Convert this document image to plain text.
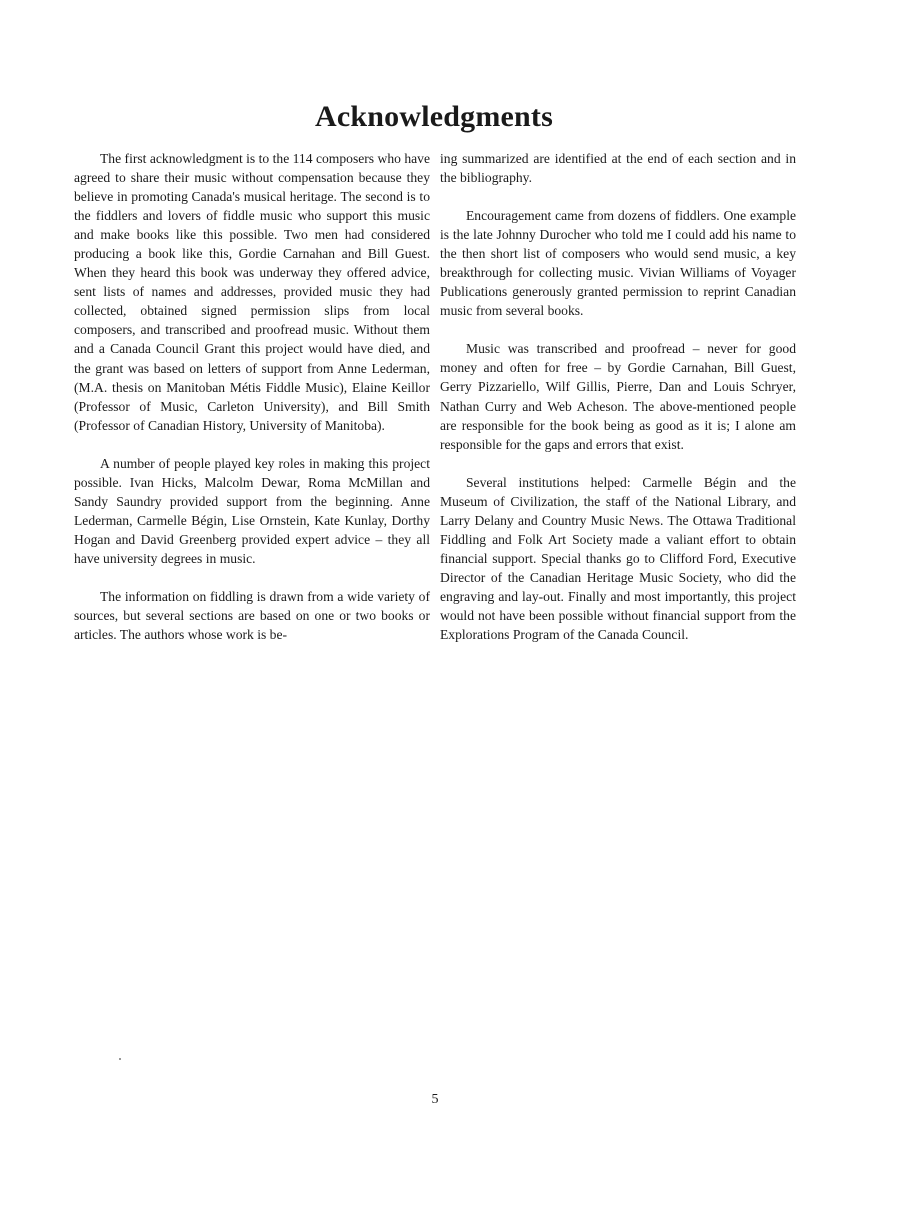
Acknowledgments

The first acknowledgment is to the 114 composers who have agreed to share their music without compensation because they believe in promoting Canada's musical heritage. The second is to the fiddlers and lovers of fiddle music who support this music and make books like this possible. Two men had considered producing a book like this, Gordie Carnahan and Bill Guest. When they heard this book was underway they offered advice, sent lists of names and addresses, provided music they had collected, obtained signed permission slips from local composers, and transcribed and proofread music. Without them and a Canada Council Grant this project would have died, and the grant was based on letters of support from Anne Lederman, (M.A. thesis on Manitoban Métis Fiddle Music), Elaine Keillor (Professor of Music, Carleton University), and Bill Smith (Professor of Canadian History, University of Manitoba).

A number of people played key roles in making this project possible. Ivan Hicks, Malcolm Dewar, Roma McMillan and Sandy Saundry provided support from the beginning. Anne Lederman, Carmelle Bégin, Lise Ornstein, Kate Kunlay, Dorthy Hogan and David Greenberg provided expert advice – they all have university degrees in music.

The information on fiddling is drawn from a wide variety of sources, but several sections are based on one or two books or articles. The authors whose work is be-

ing summarized are identified at the end of each section and in the bibliography.

Encouragement came from dozens of fiddlers. One example is the late Johnny Durocher who told me I could add his name to the then short list of composers who would send music, a key breakthrough for collecting music. Vivian Williams of Voyager Publications generously granted permission to reprint Canadian music from several books.

Music was transcribed and proofread – never for good money and often for free – by Gordie Carnahan, Bill Guest, Gerry Pizzariello, Wilf Gillis, Pierre, Dan and Louis Schryer, Nathan Curry and Web Acheson. The above-mentioned people are responsible for the book being as good as it is; I alone am responsible for the gaps and errors that exist.

Several institutions helped: Carmelle Bégin and the Museum of Civilization, the staff of the National Library, and Larry Delany and Country Music News. The Ottawa Traditional Fiddling and Folk Art Society made a valiant effort to obtain financial support. Special thanks go to Clifford Ford, Executive Director of the Canadian Heritage Music Society, who did the engraving and lay-out. Finally and most importantly, this project would not have been possible without financial support from the Explorations Program of the Canada Council.

5
